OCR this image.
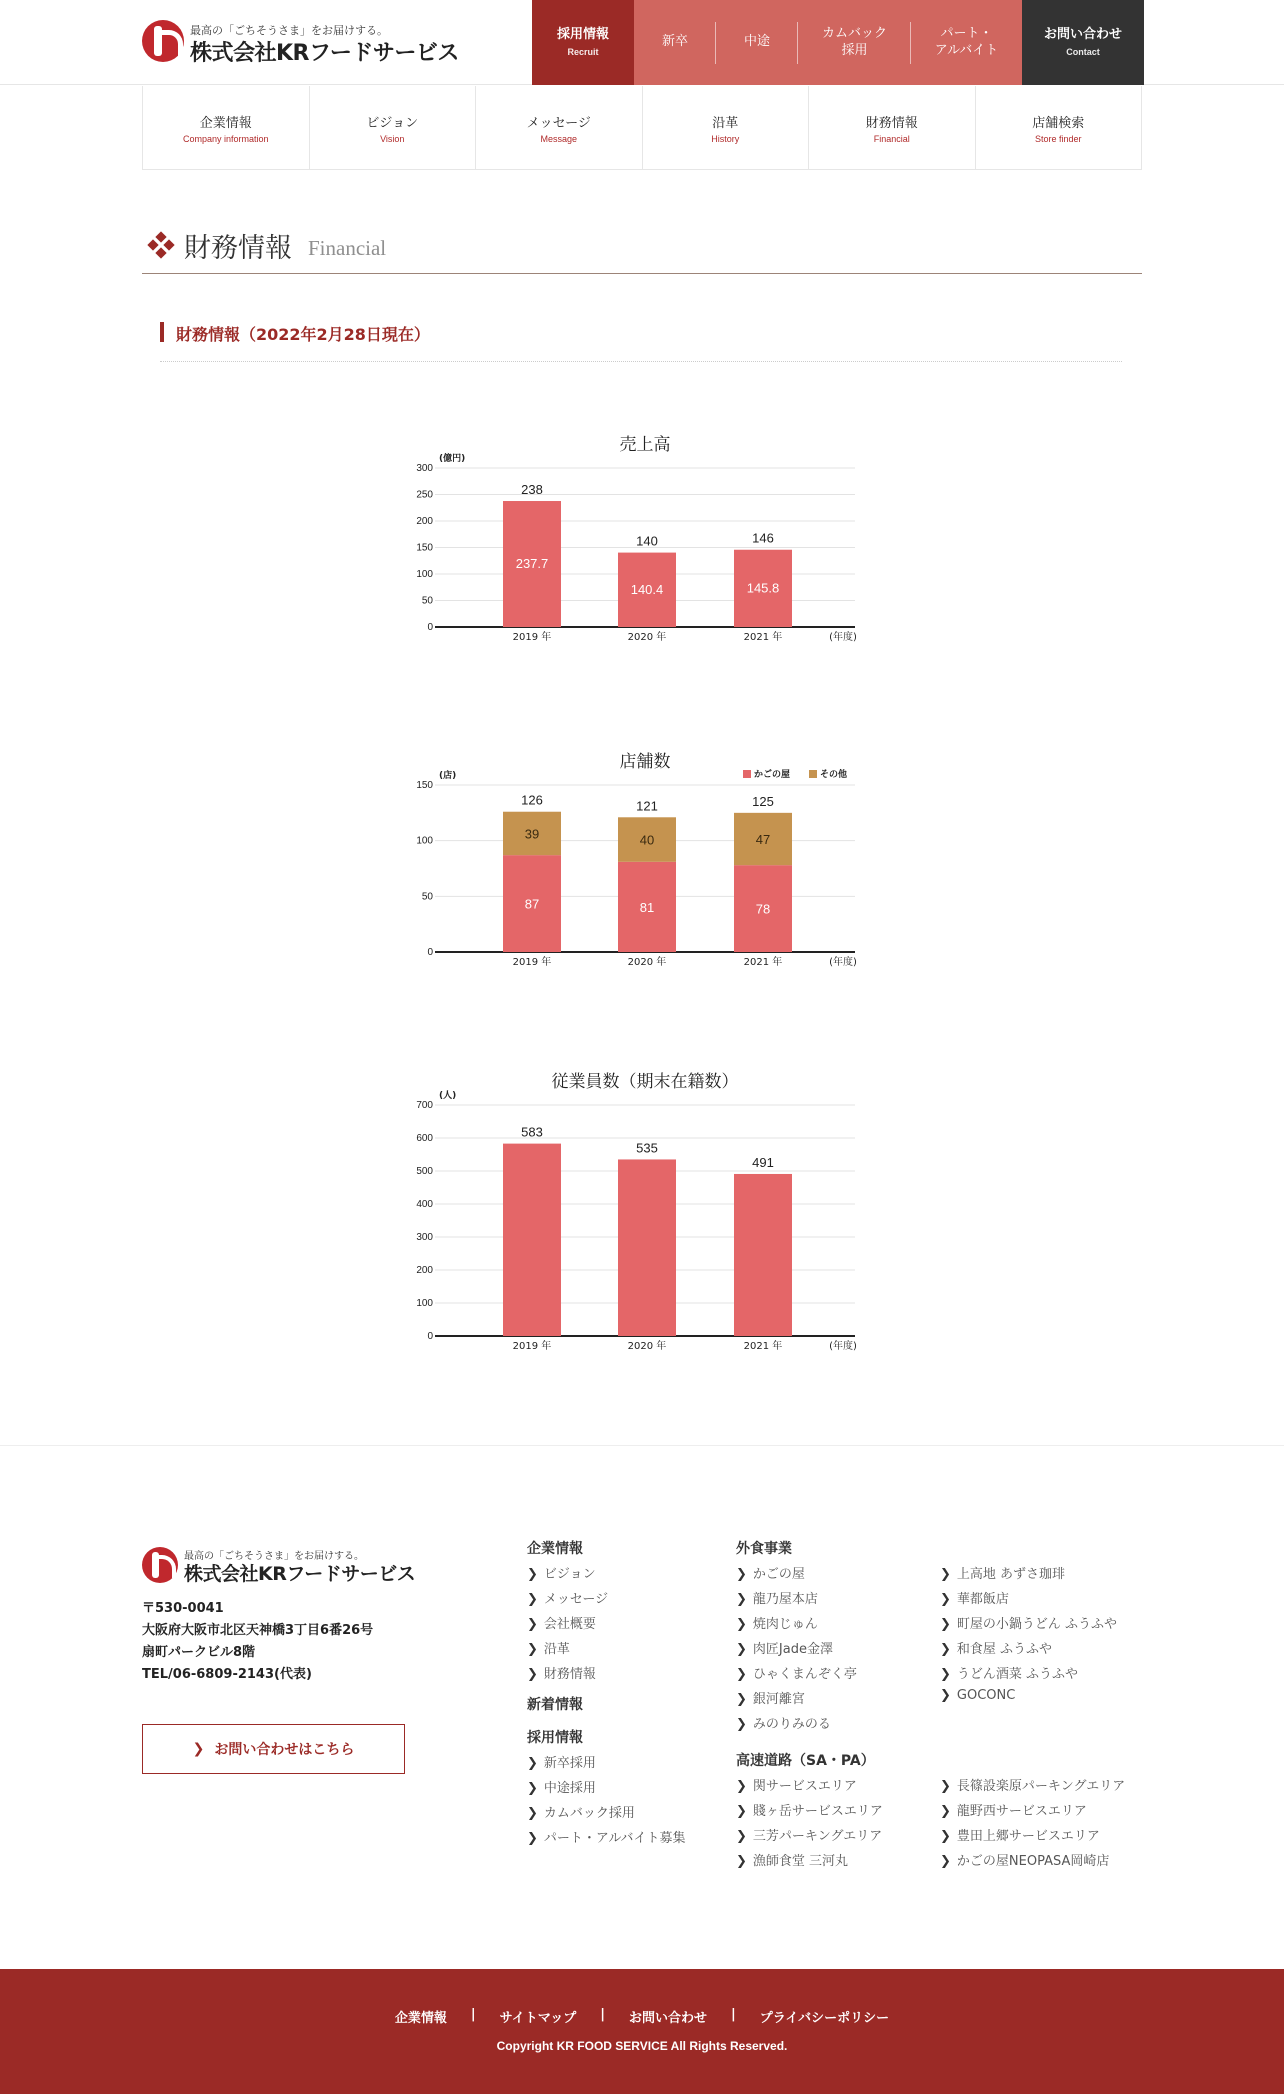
最高の「ごちそうさま」をお届けする。
株式会社KRフードサービス
採用情報
Recruit
新卒	中途
カムバック
採用
パート・
アルバイト
お問い合わせ
Contact
企業情報
Company information
ビジョン
Vision
メッセージ
Message
沿革
History
財務情報
Financial
店舗検索
Store finder
財務情報 Financial
財務情報（2022年2月28日現在）
売上高
(億円)
0
50
100
150
200
250
300
2019 年	2020 年	2021 年	(年度)
238
237.7
140
140.4
146
145.8
店舗数
(店)
0
50
100
150
2019 年	2020 年	2021 年	(年度)
87
39
126
81
40
121
78
47
125
かごの屋	その他
従業員数（期末在籍数）
(人)
0
100
200
300
400
500
600
700
2019 年	2020 年	2021 年	(年度)
583
535
491
最高の「ごちそうさま」をお届けする。
株式会社KRフードサービス
〒530-0041
大阪府大阪市北区天神橋3丁目6番26号
扇町パークビル8階
TEL/06-6809-2143(代表)
❯ お問い合わせはこちら
企業情報
❯ ビジョン
❯ メッセージ
❯ 会社概要
❯ 沿革
❯ 財務情報
新着情報
採用情報
❯ 新卒採用
❯ 中途採用
❯ カムバック採用
❯ パート・アルバイト募集
外食事業
❯ かごの屋
❯ 龍乃屋本店
❯ 焼肉じゅん
❯ 肉匠Jade金澤
❯ ひゃくまんぞく亭
❯ 銀河離宮
❯ みのりみのる
高速道路（SA・PA）
❯ 関サービスエリア
❯ 賤ヶ岳サービスエリア
❯ 三芳パーキングエリア
❯ 漁師食堂 三河丸
❯ 上高地 あずさ珈琲
❯ 華都飯店
❯ 町屋の小鍋うどん ふうふや
❯ 和食屋 ふうふや
❯ うどん酒菜 ふうふや
❯ GOCONC
❯ 長篠設楽原パーキングエリア
❯ 龍野西サービスエリア
❯ 豊田上郷サービスエリア
❯ かごの屋NEOPASA岡崎店
企業情報 | サイトマップ | お問い合わせ | プライバシーポリシー
Copyright KR FOOD SERVICE All Rights Reserved.
